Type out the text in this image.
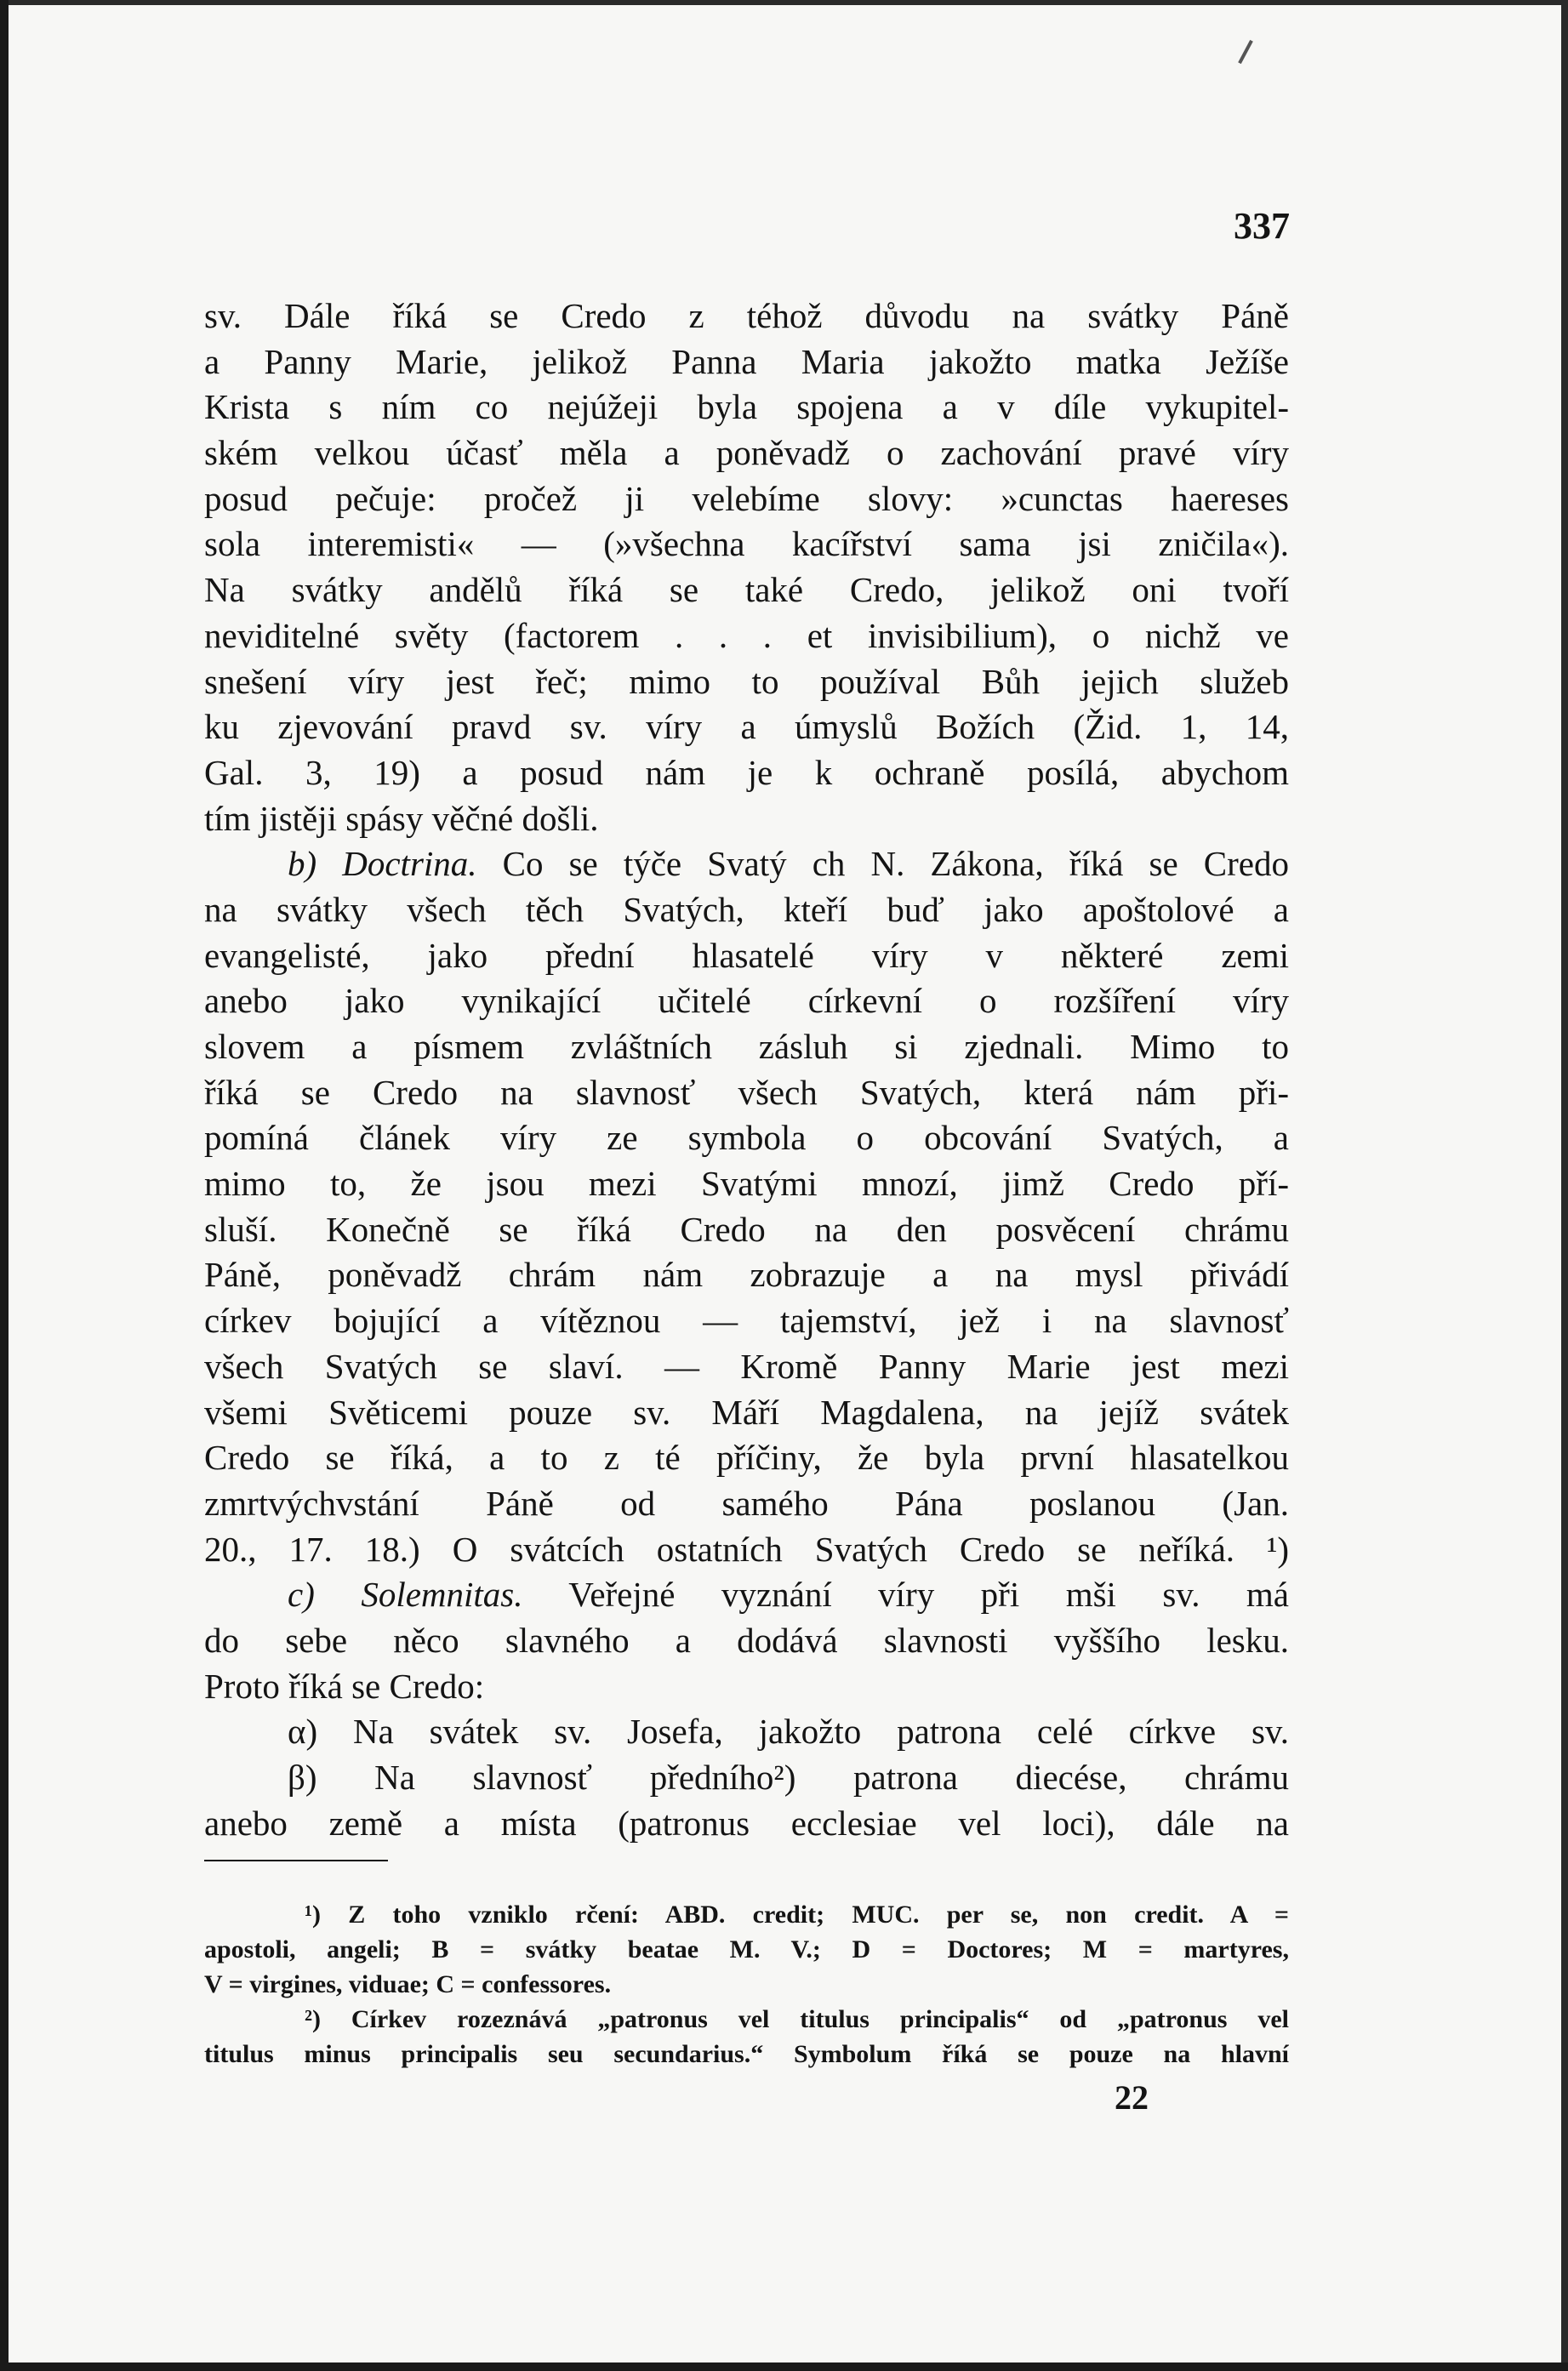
337
sv. Dále říká se Credo z téhož důvodu na svátky Páně
a Panny Marie, jelikož Panna Maria jakožto matka Ježíše
Krista s ním co nejúžeji byla spojena a v díle vykupitel-
ském velkou účasť měla a poněvadž o zachování pravé víry
posud pečuje: pročež ji velebíme slovy: »cunctas haereses
sola interemisti« — (»všechna kacířství sama jsi zničila«).
Na svátky andělů říká se také Credo, jelikož oni tvoří
neviditelné světy (factorem . . . et invisibilium), o nichž ve
snešení víry jest řeč; mimo to používal Bůh jejich služeb
ku zjevování pravd sv. víry a úmyslů Božích (Žid. 1, 14,
Gal. 3, 19) a posud nám je k ochraně posílá, abychom
tím jistěji spásy věčné došli.
b) Doctrina. Co se týče Svatý ch N. Zákona, říká se Credo
na svátky všech těch Svatých, kteří buď jako apoštolové a
evangelisté, jako přední hlasatelé víry v některé zemi
anebo jako vynikající učitelé církevní o rozšíření víry
slovem a písmem zvláštních zásluh si zjednali. Mimo to
říká se Credo na slavnosť všech Svatých, která nám při-
pomíná článek víry ze symbola o obcování Svatých, a
mimo to, že jsou mezi Svatými mnozí, jimž Credo pří-
sluší. Konečně se říká Credo na den posvěcení chrámu
Páně, poněvadž chrám nám zobrazuje a na mysl přivádí
církev bojující a vítěznou — tajemství, jež i na slavnosť
všech Svatých se slaví. — Kromě Panny Marie jest mezi
všemi Světicemi pouze sv. Máří Magdalena, na jejíž svátek
Credo se říká, a to z té příčiny, že byla první hlasatelkou
zmrtvýchvstání Páně od samého Pána poslanou (Jan.
20., 17. 18.) O svátcích ostatních Svatých Credo se neříká. ¹)
c) Solemnitas. Veřejné vyznání víry při mši sv. má
do sebe něco slavného a dodává slavnosti vyššího lesku.
Proto říká se Credo:
α) Na svátek sv. Josefa, jakožto patrona celé církve sv.
β) Na slavnosť předního²) patrona diecése, chrámu
anebo země a místa (patronus ecclesiae vel loci), dále na
¹) Z toho vzniklo rčení: ABD. credit; MUC. per se, non credit. A =
apostoli, angeli; B = svátky beatae M. V.; D = Doctores; M = martyres,
V = virgines, viduae; C = confessores.
²) Církev rozeznává „patronus vel titulus principalis“ od „patronus vel
titulus minus principalis seu secundarius.“ Symbolum říká se pouze na hlavní
22
